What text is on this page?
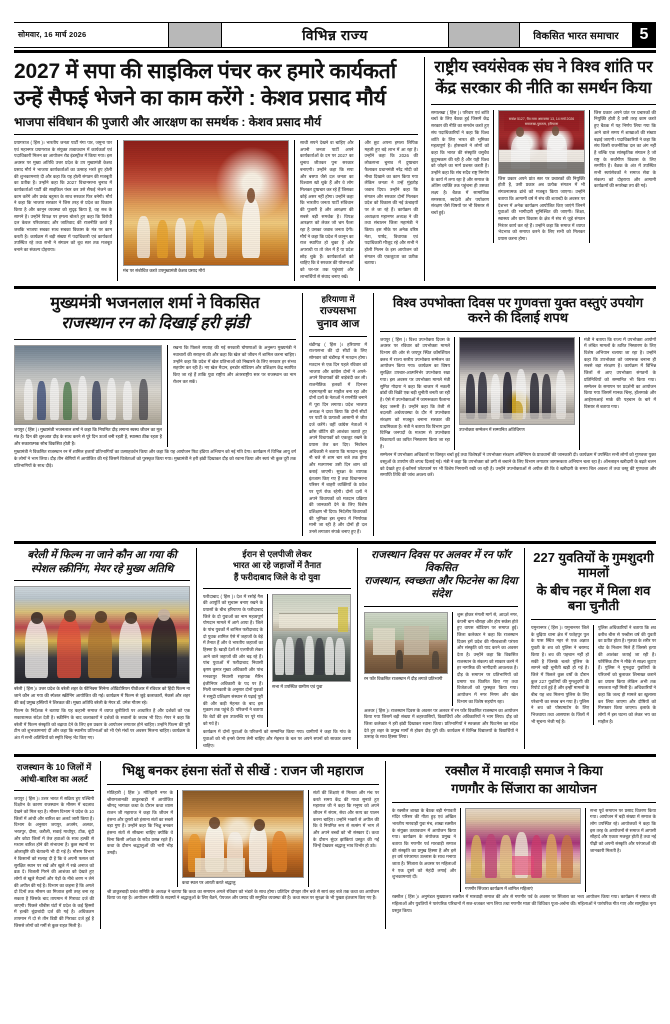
सोमवार, 16 मार्च 2026	विभिन्न राज्य	विकसित भारत समाचार	5
2027 में सपा की साइकिल पंचर कर हमारे कार्यकर्ता
उन्हें सैफई भेजने का काम करेंगे : केशव प्रसाद मौर्य
भाजपा संविधान की पुजारी और आरक्षण का समर्थक : केशव प्रसाद मौर्य
प्रयागराज ( हिंस )। भारतीय जनता पार्टी गंगा पार, जमुना पार एवं महानगर प्रयागराज के संयुक्त तत्वावधान में कार्यकर्ता एवं पदाधिकारी मिलन का आयोजन रोड इंडस्ट्रीज में किया गया। इस अवसर पर मुख्य अतिथि उत्तर प्रदेश के उप मुख्यमंत्री केशव प्रसाद मौर्य ने भाजपा कार्यकर्ताओं का उत्साह भरते हुए होली की शुभकामनाएं दी और कहा कि यह होली संगठन की मजबूती का प्रतीक है। उन्होंने कहा कि 2027 विधानसभा चुनाव में कार्यकर्ताओं पार्टी की साइकिल पंचर कर उसे सैफई भेजने का काम करेंगे और प्रचंड बहुमत के साथ सरकार फिर बनेगी। मौर्य ने कहा कि भाजपा सरकार ने जिस तरह से प्रदेश का विकास किया है और कानून व्यवस्था को सुदृढ़ किया है, वह सब के सामने है। उन्होंने विपक्ष पर हमला बोलते हुए कहा कि विरोधी दल केवल परिवारवाद और जातिवाद की राजनीति करते हैं जबकि भाजपा सबका साथ सबका विकास के मंत्र पर काम करती है। कार्यक्रम में बड़ी संख्या में पदाधिकारी एवं कार्यकर्ता उपस्थित रहे तथा सभी ने संगठन को बूथ स्तर तक मजबूत बनाने का संकल्प दोहराया।
मंच पर संबोधित करते उपमुख्यमंत्री केशव प्रसाद मौर्य
साथी सपने देखने वा चाहिए और अपनी जनता पार्टी अपने कार्यकर्ताओं के दम पर 2027 का चुनाव जीतकर पुनः सरकार बनाएगी। उन्होंने कहा कि सपा और बसपा जैसे दल जनता का विश्वास खो चुके हैं और वे लोग मिलकर दुष्प्रचार कर रहे हैं जिसका कोई असर नहीं होगा। उन्होंने कहा कि भारतीय जनता पार्टी संविधान की पुजारी है और आरक्षण की सबसे बड़ी समर्थक है। विपक्ष आरक्षण को लेकर जो भ्रम फैला रहा है उसका जवाब जनता देगी। मौर्य ने कहा कि प्रदेश में कानून का राज स्थापित हो चुका है और अपराधी या तो जेल में हैं या प्रदेश छोड़ चुके हैं। कार्यकर्ताओं को चाहिए कि वे सरकार की योजनाओं को घर-घर तक पहुंचाएं और लाभार्थियों से संवाद बनाए रखें।
और छूट अपना हमला लिपिक महली हुए बड़े लाभ में आ रहा है। उन्होंने कहा कि 2026 की लोकसभा चुनाव में दुष्प्रचार फैलाकर प्रधानमंत्री नरेंद्र मोदी को नीचा दिखाने का काम किया गया लेकिन जनता ने उन्हें मुंहतोड़ जवाब दिया। उन्होंने कहा कि संगठन और सरकार दोनों मिलकर प्रदेश को विकास की नई ऊंचाइयों पर ले जा रहे हैं। कार्यक्रम की अध्यक्षता महानगर अध्यक्ष ने की तथा संचालन जिला महामंत्री ने किया। इस मौके पर अनेक वरिष्ठ नेता, पार्षद, विधायक एवं पदाधिकारी मौजूद रहे और सभी ने होली मिलन के इस आयोजन को संगठन की एकजुटता का प्रतीक बताया।
राष्ट्रीय स्वयंसेवक संघ ने विश्व शांति पर
केंद्र सरकार की नीति का समर्थन किया
समालखा ( हिंस )। परिवार एवं शांति चर्चा के लिए बैठक हुई जिसमें केंद्र सरकार की नीति का समर्थन करते हुए संघ पदाधिकारियों ने कहा कि विश्व शांति के लिए भारत की भूमिका महत्वपूर्ण है। होसबाले ने लोगों को कहा कि भारत की संस्कृति वसुधैव कुटुम्बकम की रही है और यही विश्व को जोड़ने का मार्ग प्रशस्त करती है। उन्होंने कहा कि संघ सदैव राष्ट्र निर्माण के कार्य में लगा रहा है और समाज के अंतिम व्यक्ति तक पहुंचना ही उसका लक्ष्य है। बैठक में सामाजिक समरसता, स्वदेशी और पर्यावरण संरक्षण जैसे विषयों पर भी विस्तार से चर्चा हुई।
सत्रांश 5127, चैत्र मास अमावस्या 13, 14 मार्च 2026 समालखा-पुरातत्व, हरियाणा
जिस प्रकार अपने प्रांत स्तर पर प्रचारकों की नियुक्ति होती है, उसी प्रकार अब प्रत्येक संगठन में भी संगठनात्मक ढांचे को मजबूत किया जाएगा। उन्होंने बताया कि आगामी वर्ष में संघ की शताब्दी के अवसर पर देशभर में अनेक कार्यक्रम आयोजित किए जाएंगे जिनमें युवाओं की भागीदारी सुनिश्चित की जाएगी। शिक्षा, स्वास्थ्य और ग्राम विकास के क्षेत्र में संघ से जुड़े संगठन निरंतर कार्य कर रहे हैं। उन्होंने कहा कि समाज में व्याप्त भेदभाव को समाप्त करने के लिए सभी को मिलकर प्रयास करना होगा।
जिस प्रकार अपने प्रांत पर प्रचारकों की नियुक्ति होती है उसी तरह काम करते हुए बैठक में यह निर्णय लिया गया कि आने वाले समय में शाखाओं की संख्या बढ़ाई जाएगी। पदाधिकारियों ने कहा कि संघ किसी राजनीतिक दल का अंग नहीं है बल्कि एक सांस्कृतिक संगठन है जो राष्ट्र के सर्वांगीण विकास के लिए समर्पित है। बैठक के अंत में उपस्थित सभी स्वयंसेवकों ने समाज सेवा के संकल्प को दोहराया और आगामी कार्यक्रमों की रूपरेखा तय की गई।
मुख्यमंत्री भजनलाल शर्मा ने विकसित
राजस्थान रन को दिखाई हरी झंडी
जयपुर ( हिंस )। मुख्यमंत्री भजनलाल शर्मा ने कहा कि नियमित दौड़ लगाना स्वस्थ जीवन का मूल मंत्र है। दिन की शुरुआत दौड़ के साथ करने से पूरे दिन ऊर्जा बनी रहती है, स्वास्थ्य ठीक रहता है और सकारात्मक सोच विकसित होती है।
रखना कि पिछले सप्ताह की गई सरकारी घोषणाओं के अनुरूप मुख्यमंत्री ने नवाचारों की सराहना की और कहा कि खेल को जीवन में शामिल करना चाहिए। उन्होंने कहा कि प्रदेश में खेल प्रतिभाओं को निखारने के लिए सरकार हर संभव सहयोग कर रही है। नए खेल मैदान, इनडोर स्टेडियम और प्रशिक्षण केंद्र स्थापित किए जा रहे हैं ताकि युवा राष्ट्रीय और अंतरराष्ट्रीय स्तर पर राजस्थान का नाम रोशन कर सकें।
मुख्यमंत्री ने विकसित राजस्थान रन में शामिल हजारों प्रतिभागियों का उत्साहवर्धन किया और कहा कि यह आयोजन फिट इंडिया अभियान को नई गति देगा। कार्यक्रम में विभिन्न आयु वर्ग के लोगों ने भाग लिया। दौड़ तीन श्रेणियों में आयोजित की गई जिसमें विजेताओं को पुरस्कृत किया गया। मुख्यमंत्री ने हरी झंडी दिखाकर दौड़ को रवाना किया और स्वयं भी कुछ दूरी तक प्रतिभागियों के साथ दौड़े।
हरियाणा में
राज्यसभा चुनाव आज
चंडीगढ़ ( हिंस )। हरियाणा में राज्यसभा की दो सीटों के लिए सोमवार को चंडीगढ़ में मतदान होगा। मतदान से एक दिन पहले रविवार को भाजपा और कांग्रेस दोनों ने अपने-अपने विधायकों की बाड़ेबंदी कर ली। राजनीतिक हलकों में दिनभर गहमागहमी का माहौल बना रहा और दोनों दलों के नेताओं ने रणनीति बनाने में पूरा दिन लगाया। प्रदेश भाजपा अध्यक्ष ने दावा किया कि दोनों सीटों पर पार्टी के प्रत्याशी आसानी से जीत दर्ज करेंगे। वहीं कांग्रेस नेताओं ने क्रॉस वोटिंग की आशंका जताते हुए अपने विधायकों को एकजुट रखने के प्रयास तेज कर दिए। निर्वाचन अधिकारी ने बताया कि मतदान सुबह नौ बजे से शाम चार बजे तक होगा और मतगणना उसी दिन शाम को कराई जाएगी। सुरक्षा के व्यापक इंतजाम किए गए हैं तथा विधानसभा परिसर में बाहरी व्यक्तियों के प्रवेश पर पूर्ण रोक रहेगी। दोनों दलों ने अपने विधायकों को मतदान प्रक्रिया की जानकारी देने के लिए विशेष प्रशिक्षण भी दिया। निर्दलीय विधायकों की भूमिका इस चुनाव में निर्णायक मानी जा रही है और दोनों ही दल उनसे लगातार संपर्क बनाए हुए हैं।
विश्व उपभोक्ता दिवस पर गुणवत्ता युक्त वस्तुएं उपयोग करने की दिलाई शपथ
जयपुर ( हिंस )। विश्व उपभोक्ता दिवस के अवसर पर रविवार को उपभोक्ता मामले विभाग की ओर से जयपुर स्थित कॉमर्शियल क्लब में राज्य स्तरीय उपभोक्ता सम्मेलन का आयोजन किया गया। कार्यक्रम का विषय सुरक्षित उपचार-आत्मनिर्भर उपभोक्ता रखा गया। इस अवसर पर उपभोक्ता मामले मंत्री सुमित गोदारा ने कहा कि बाजार में नकली ब्रांडों की बिक्री एक बड़ी चुनौती बनती जा रही है। ऐसे में उपभोक्ताओं में जागरूकता फैलाना बेहद जरूरी है। उन्होंने कहा कि तेजी से बदलती अर्थव्यवस्था के दौर में उपभोक्ता संरक्षण को मजबूत बनाना सरकार की प्राथमिकता है। मंत्री ने बताया कि विभाग द्वारा विभिन्न जनपदों के माध्यम से उपभोक्ता शिकायतों का त्वरित निस्तारण किया जा रहा है।
उपभोक्ता सम्मेलन में सम्मानित अतिथिगण
मंत्री ने बताया कि राज्य में उपभोक्ता आयोगों में लंबित मामलों के त्वरित निस्तारण के लिए विशेष अभियान चलाया जा रहा है। उन्होंने कहा कि उपभोक्ता को जागरूक बनाना ही सबसे बड़ा संरक्षण है। कार्यक्रम में विभिन्न जिलों से आए उपभोक्ता संगठनों के प्रतिनिधियों को सम्मानित भी किया गया। सम्मेलन के समापन पर प्रदर्शनी का आयोजन किया गया जिसमें मानक चिन्ह, हॉलमार्क और आईएसआई मार्क की पहचान के बारे में विस्तार से बताया गया।
सम्मेलन में उपभोक्ता अधिकारों पर विस्तृत चर्चा हुई तथा विशेषज्ञों ने उपभोक्ता संरक्षण अधिनियम के प्रावधानों की जानकारी दी। कार्यक्रम में उपस्थित सभी लोगों को गुणवत्ता युक्त वस्तुओं के उपयोग की शपथ दिलाई गई। मंत्री ने कहा कि उपभोक्ता को ठगी से बचाने के लिए विभाग लगातार जागरूकता अभियान चला रहा है। ऑनलाइन खरीदारी के बढ़ते चलन को देखते हुए ई-कॉमर्स प्लेटफार्म पर भी विशेष निगरानी रखी जा रही है। उन्होंने उपभोक्ताओं से अपील की कि वे खरीदारी के समय बिल अवश्य लें तथा वस्तु की गुणवत्ता और समाप्ति तिथि की जांच अवश्य करें।
बरेली में फिल्म ना जाने कौन आ गया की
स्पेशल स्क्रीनिंग, मेयर रहे मुख्य अतिथि
बरेली ( हिंस )। उत्तर प्रदेश के बरेली शहर के फीनिक्स सिनेमा ऑडिटोरियम पीवीआर में रविवार को हिंदी फिल्म ना जाने कौन आ गया की स्पेशल स्क्रीनिंग आयोजित की गई। कार्यक्रम में फिल्म से जुड़े कलाकारों, मेकर्स और शहर की कई प्रमुख हस्तियों ने शिरकत की। मुख्य अतिथि बरेली के मेयर डॉ. उमेश गौतम रहे।
फिल्म के निर्देशक ने बताया कि यह कहानी समाज में व्याप्त कुरीतियों पर आधारित है और दर्शकों को एक सकारात्मक संदेश देती है। स्क्रीनिंग के बाद कलाकारों ने दर्शकों के सवालों के जवाब भी दिए। मेयर ने कहा कि बरेली में फिल्म संस्कृति को बढ़ावा देने के लिए इस प्रकार के आयोजन लगातार होने चाहिए। उन्होंने फिल्म की पूरी टीम को शुभकामनाएं दीं और कहा कि स्थानीय प्रतिभाओं को भी ऐसे मंचों पर अवसर मिलना चाहिए। कार्यक्रम के अंत में सभी अतिथियों को स्मृति चिन्ह भेंट किए गए।
ईरान से एलपीजी लेकर
भारत आ रहे जहाजों में तैनात
हैं फरीदाबाद जिले के दो युवा
फरीदाबाद ( हिंस )। देश में रसोई गैस की आपूर्ति को सुचारू बनाए रखने के प्रयासों के बीच हरियाणा के फरीदाबाद जिले के दो युवाओं का नाम महत्वपूर्ण योगदान मामले में आगे आया है। जिले के पांच युवकों में शामिल फरीदाबाद के दो युवक शामिल ऐसे में जहाजों के बेड़े में तैनात हैं और वे भारतीय जहाजों का हिस्सा हैं। खाड़ी देशों से एलपीजी लेकर आने वाले जहाजों की ओर बढ़ रहे हैं। पांच युवाओं में फरीदाबाद निवासी कृष्ण कुमार मुख्य अधिकारी और पांच मनकापुर निवासी सहायक मैरिन इंजीनियर अधिकारी के पद पर हैं। मिली जानकारी के अनुसार दोनों युवकों ने समुद्री प्रशिक्षण संस्थान से पढ़ाई पूरी की और कड़ी मेहनत के बाद इस मुकाम तक पहुंचे हैं। परिजनों ने बताया कि बेटों की इस उपलब्धि पर पूरे गांव को गर्व है।
सभा में उपस्थित ग्रामीण एवं युवा
कार्यक्रम में दोनों युवाओं के परिजनों को सम्मानित किया गया। ग्रामीणों ने कहा कि गांव के युवाओं को भी इनसे प्रेरणा लेनी चाहिए और मेहनत के बल पर अपने सपनों को साकार करना चाहिए।
राजस्थान दिवस पर अलवर में रन फॉर विकसित
राजस्थान, स्वच्छता और फिटनेस का दिया संदेश
रन फॉर विकसित राजस्थान में दौड़ लगाते प्रतिभागी
शुरू होकर मंगली मार्ग से, आदर्श नगर, कंपनी बाग चौराहा और होप सर्कस होते हुए वापस स्टेडियम पर समाप्त हुई। जिला कलेक्टर ने कहा कि राजस्थान दिवस हमें प्रदेश की गौरवशाली परंपरा और संस्कृति को याद करने का अवसर देता है। उन्होंने कहा कि विकसित राजस्थान के संकल्प को साकार करने में हर नागरिक की भागीदारी आवश्यक है। दौड़ के समापन पर प्रतिभागियों को प्रमाण पत्र वितरित किए गए तथा विजेताओं को पुरस्कृत किया गया। आयोजन में नगर निगम और खेल विभाग का विशेष सहयोग रहा।
अलवर ( हिंस )। राजस्थान दिवस के अवसर पर अलवर में रन फॉर विकसित राजस्थान का आयोजन किया गया जिसमें बड़ी संख्या में शहरवासियों, विद्यार्थियों और अधिकारियों ने भाग लिया। दौड़ को जिला कलेक्टर ने हरी झंडी दिखाकर रवाना किया। प्रतिभागियों ने स्वच्छता और फिटनेस का संदेश देते हुए शहर के प्रमुख मार्गों से होकर दौड़ पूरी की। कार्यक्रम में विभिन्न विद्यालयों के विद्यार्थियों ने उत्साह के साथ हिस्सा लिया।
227 युवतियों के गुमशुदगी मामलों
के बीच नहर में मिला शव बना चुनौती
यमुनानगर ( हिंस )। यमुनानगर जिले के बुढ़िया थाना क्षेत्र में फतेहपुर पुल के पास स्थित नहर से एक अज्ञात युवती के शव को पुलिस ने बरामद किया है। शव की पहचान नहीं हो सकी है जिसके चलते पुलिस के सामने बड़ी चुनौती खड़ी हो गई है। जिले में पिछले कुछ वर्षों के दौरान कुल 227 युवतियों की गुमशुदगी की रिपोर्ट दर्ज हुई है और इन्हीं मामलों के बीच यह शव मिलना पुलिस के लिए परेशानी का सबब बन गया है। पुलिस ने शव को पोस्टमार्टम के लिए भिजवाया तथा आसपास के जिलों में भी सूचना भेजी गई है।
पुलिस अधिकारियों ने बताया कि शव करीब बीस से पच्चीस वर्ष की युवती का प्रतीत होता है। मृतका के शरीर पर चोट के निशान मिले हैं जिससे हत्या की आशंका जताई जा रही है। फोरेंसिक टीम ने मौके से साक्ष्य जुटाए हैं। पुलिस ने गुमशुदा युवतियों के परिजनों को बुलाकर शिनाख्त कराने का प्रयास किया लेकिन अभी तक सफलता नहीं मिली है। अधिकारियों ने कहा कि जल्द ही मामले का खुलासा कर लिया जाएगा और दोषियों को गिरफ्तार किया जाएगा। इलाके के लोगों में इस घटना को लेकर भय का माहौल है।
राजस्थान के 10 जिलों में
आंधी-बारिश का अलर्ट
जयपुर ( हिंस )। उत्तर भारत में सक्रिय हुए पश्चिमी विक्षोभ के कारण राजस्थान के मौसम में बदलाव देखने को मिल रहा है। मौसम विभाग ने प्रदेश के 10 जिलों में आंधी और बारिश का अलर्ट जारी किया है। विभाग के अनुसार जयपुर, अजमेर, अलवर, भरतपुर, दौसा, करौली, सवाई माधोपुर, टोंक, बूंदी और कोटा जिलों में तेज हवाओं के साथ हल्की से मध्यम बारिश होने की संभावना है। कुछ स्थानों पर ओलावृष्टि की चेतावनी भी दी गई है। मौसम विभाग ने किसानों को सलाह दी है कि वे अपनी फसल को सुरक्षित स्थान पर रखें और खुले में रखे अनाज को ढक दें। बिजली गिरने की आशंका को देखते हुए लोगों से खुले मैदानों और पेड़ों के नीचे शरण न लेने की अपील की गई है। विभाग का कहना है कि अगले दो दिनों तक मौसम का मिजाज इसी तरह बना रह सकता है जिसके बाद तापमान में गिरावट दर्ज की जाएगी। पिछले चौबीस घंटों में प्रदेश के कई हिस्सों में हल्की बूंदाबांदी दर्ज की गई है। अधिकतम तापमान में दो से तीन डिग्री की गिरावट दर्ज हुई है जिससे लोगों को गर्मी से कुछ राहत मिली है।
भिक्षु बनकर हंसना संतों से सीखें : राजन जी महाराज
मोतिहारी ( हिंस )। मोतिहारी नगर के श्रीरामजानकी ठाकुरबाड़ी में आयोजित श्रीमद् भागवत कथा के दौरान कथा व्यास राजन जी महाराज ने कहा कि जीवन में हंसना और दूसरों को हंसाना संतों का सबसे बड़ा गुण है। उन्होंने कहा कि भिक्षु बनकर हंसना संतों से सीखना चाहिए क्योंकि वे बिना किसी अपेक्षा के सदैव प्रसन्न रहते हैं। कथा के दौरान श्रद्धालुओं की भारी भीड़ उमड़ी।
कथा स्थल पर आरती करते श्रद्धालु
संतों की शिक्षाएं से मिलता और मंच पर करते समय केंद्र की गाथा सुनाते हुए महाराज जी ने कहा कि मनुष्य को अपने जीवन में संयम, सेवा और सत्य का पालन करना चाहिए। उन्होंने भक्तों से अपील की कि वे नियमित रूप से सत्संग में भाग लें और अपने बच्चों को भी संस्कार दें। कथा के दौरान सुंदर झांकियां प्रस्तुत की गईं जिन्हें देखकर श्रद्धालु भाव विभोर हो उठे।
श्री ठाकुरबाड़ी प्रबंध समिति के अध्यक्ष ने बताया कि कथा का समापन अगले रविवार को भंडारे के साथ होगा। प्रतिदिन दोपहर तीन बजे से सायं छह बजे तक कथा का आयोजन किया जा रहा है। आयोजन समिति के सदस्यों ने श्रद्धालुओं के लिए बैठने, पेयजल और प्रसाद की समुचित व्यवस्था की है। कथा स्थल पर सुरक्षा के भी पुख्ता इंतजाम किए गए हैं।
रक्सौल में मारवाड़ी समाज ने किया
गणगौर के सिंजारा का आयोजन
के रक्सौल शाखा के बैठक बड़ी गंगावती मंदिर परिसर की गीता हुड़ एवं अखिल भारतीय मारवाड़ी युवा मंच, शाखा रक्सौल के संयुक्त तत्वावधान में आयोजन किया गया। कार्यक्रम के संयोजक प्रमुख ने बताया कि गणगौर पर्व मारवाड़ी समाज की संस्कृति का प्रमुख हिस्सा है और इसे हर वर्ष परंपरागत उल्लास के साथ मनाया जाता है। सिंजारा के अवसर पर महिलाओं ने एक दूसरे को मेहंदी लगाई और शुभकामनाएं दीं।
गणगौर सिंजारा कार्यक्रम में शामिल महिलाएं
सभा पूर्व समापन पर प्रसाद वितरण किया गया। आयोजन में बड़ी संख्या में समाज के लोग उपस्थित रहे। आयोजकों ने कहा कि इस तरह के आयोजनों से समाज में आपसी सौहार्द और एकता मजबूत होती है तथा नई पीढ़ी को अपनी संस्कृति और परंपराओं की जानकारी मिलती है।
रक्सौल ( हिंस )। अनुमंडल मुख्यालय रक्सौल में मारवाड़ी समाज की ओर से गणगौर पर्व के अवसर पर सिंजारा का भव्य आयोजन किया गया। कार्यक्रम में समाज की महिलाओं और युवतियों ने पारंपरिक परिधानों में सज-धजकर भाग लिया तथा गणगौर माता की विधिवत पूजा-अर्चना की। महिलाओं ने पारंपरिक गीत गाए और सामूहिक नृत्य प्रस्तुत किया।
